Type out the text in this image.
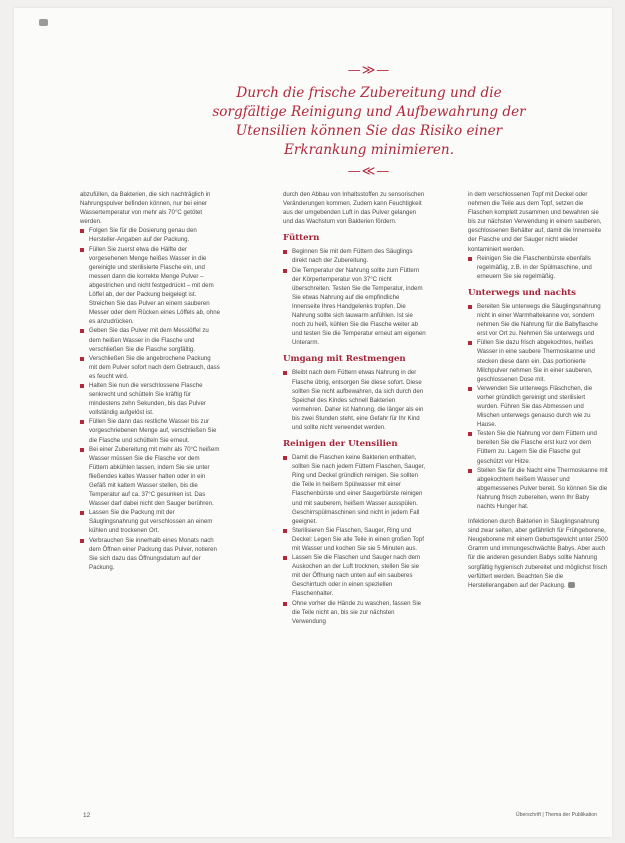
—≫—
Durch die frische Zubereitung und die sorgfältige Reinigung und Aufbewahrung der Utensilien können Sie das Risiko einer Erkrankung minimieren.
—≪—

abzufüllen, da Bakterien, die sich nachträglich in Nahrungspulver befinden können, nur bei einer Wassertemperatur von mehr als 70°C getötet werden.

Folgen Sie für die Dosierung genau den Hersteller-Angaben auf der Packung.
Füllen Sie zuerst etwa die Hälfte der vorgesehenen Menge heißes Wasser in die gereinigte und sterilisierte Flasche ein, und messen dann die korrekte Menge Pulver – abgestrichen und nicht festgedrückt – mit dem Löffel ab, der der Packung beigelegt ist. Streichen Sie das Pulver an einem sauberen Messer oder dem Rücken eines Löffels ab, ohne es anzudrücken.
Geben Sie das Pulver mit dem Messlöffel zu dem heißen Wasser in die Flasche und verschließen Sie die Flasche sorgfältig.
Verschließen Sie die angebrochene Packung mit dem Pulver sofort nach dem Gebrauch, dass es feucht wird.
Halten Sie nun die verschlossene Flasche senkrecht und schütteln Sie kräftig für mindestens zehn Sekunden, bis das Pulver vollständig aufgelöst ist.
Füllen Sie dann das restliche Wasser bis zur vorgeschriebenen Menge auf, verschließen Sie die Flasche und schütteln Sie erneut.
Bei einer Zubereitung mit mehr als 70°C heißem Wasser müssen Sie die Flasche vor dem Füttern abkühlen lassen, indem Sie sie unter fließendes kaltes Wasser halten oder in ein Gefäß mit kaltem Wasser stellen, bis die Temperatur auf ca. 37°C gesunken ist. Das Wasser darf dabei nicht den Sauger berühren.
Lassen Sie die Packung mit der Säuglingsnahrung gut verschlossen an einem kühlen und trockenen Ort.
Verbrauchen Sie innerhalb eines Monats nach dem Öffnen einer Packung das Pulver, notieren Sie sich dazu das Öffnungsdatum auf der Packung.

durch den Abbau von Inhaltsstoffen zu sensorischen Veränderungen kommen. Zudem kann Feuchtigkeit aus der umgebenden Luft in das Pulver gelangen und das Wachstum von Bakterien fördern.

Füttern
Beginnen Sie mit dem Füttern des Säuglings direkt nach der Zubereitung.
Die Temperatur der Nahrung sollte zum Füttern der Körpertemperatur von 37°C nicht überschreiten. Testen Sie die Temperatur, indem Sie etwas Nahrung auf die empfindliche Innenseite Ihres Handgelenks tropfen. Die Nahrung sollte sich lauwarm anfühlen. Ist sie noch zu heiß, kühlen Sie die Flasche weiter ab und testen Sie die Temperatur erneut am eigenen Unterarm.
Umgang mit Restmengen
Bleibt nach dem Füttern etwas Nahrung in der Flasche übrig, entsorgen Sie diese sofort. Diese sollten Sie nicht aufbewahren, da sich durch den Speichel des Kindes schnell Bakterien vermehren. Daher ist Nahrung, die länger als ein bis zwei Stunden steht, eine Gefahr für Ihr Kind und sollte nicht verwendet werden.
Reinigen der Utensilien
Damit die Flaschen keine Bakterien enthalten, sollten Sie nach jedem Füttern Flaschen, Sauger, Ring und Deckel gründlich reinigen. Sie sollten die Teile in heißem Spülwasser mit einer Flaschenbürste und einer Saugerbürste reinigen und mit sauberem, heißem Wasser ausspülen. Geschirrspülmaschinen sind nicht in jedem Fall geeignet.
Sterilisieren Sie Flaschen, Sauger, Ring und Deckel: Legen Sie alle Teile in einen großen Topf mit Wasser und kochen Sie sie 5 Minuten aus.
Lassen Sie die Flaschen und Sauger nach dem Auskochen an der Luft trocknen, stellen Sie sie mit der Öffnung nach unten auf ein sauberes Geschirrtuch oder in einen speziellen Flaschenhalter.
Ohne vorher die Hände zu waschen, fassen Sie die Teile nicht an, bis sie zur nächsten Verwendung

in dem verschlossenen Topf mit Deckel oder nehmen die Teile aus dem Topf, setzen die Flaschen komplett zusammen und bewahren sie bis zur nächsten Verwendung in einem sauberen, geschlossenen Behälter auf, damit die Innenseite der Flasche und der Sauger nicht wieder kontaminiert werden.

Reinigen Sie die Flaschenbürste ebenfalls regelmäßig, z.B. in der Spülmaschine, und erneuern Sie sie regelmäßig.
Unterwegs und nachts
Bereiten Sie unterwegs die Säuglingsnahrung nicht in einer Warmhaltekanne vor, sondern nehmen Sie die Nahrung für die Babyflasche erst vor Ort zu. Nehmen Sie unterwegs und
Füllen Sie dazu frisch abgekochtes, heißes Wasser in eine saubere Thermoskanne und stecken diese dann ein. Das portionierte Milchpulver nehmen Sie in einer sauberen, geschlossenen Dose mit.
Verwenden Sie unterwegs Fläschchen, die vorher gründlich gereinigt und sterilisiert wurden. Führen Sie das Abmessen und Mischen unterwegs genauso durch wie zu Hause.
Testen Sie die Nahrung vor dem Füttern und bereiten Sie die Flasche erst kurz vor dem Füttern zu. Lagern Sie die Flasche gut geschützt vor Hitze.
Stellen Sie für die Nacht eine Thermoskanne mit abgekochtem heißem Wasser und abgemessenes Pulver bereit. So können Sie die Nahrung frisch zubereiten, wenn Ihr Baby nachts Hunger hat.

Infektionen durch Bakterien in Säuglingsnahrung sind zwar selten, aber gefährlich für Frühgeborene, Neugeborene mit einem Geburtsgewicht unter 2500 Gramm und immungeschwächte Babys. Aber auch für die anderen gesunden Babys sollte Nahrung sorgfältig hygienisch zubereitet und möglichst frisch verfüttert werden. Beachten Sie die Herstellerangaben auf der Packung.

12	Überschrift | Thema der Publikation
